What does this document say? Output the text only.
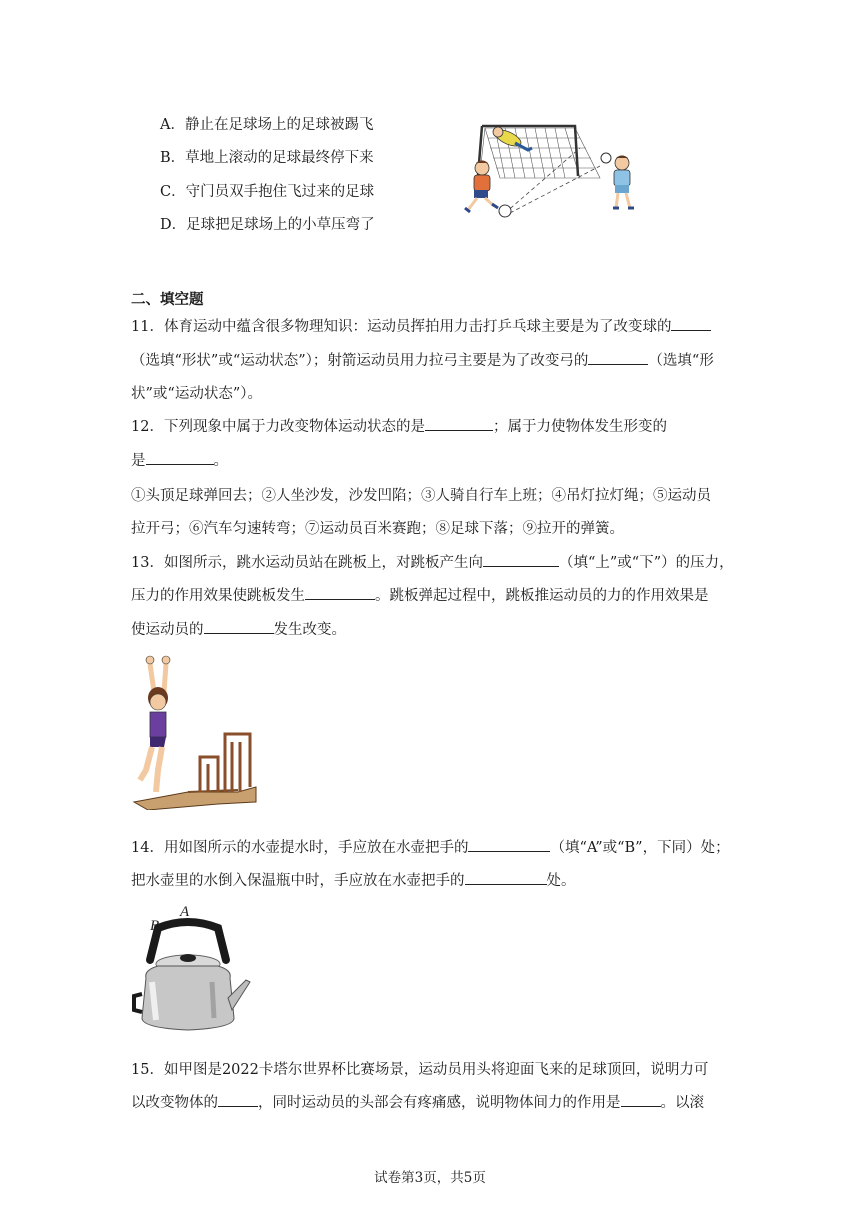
A．静止在足球场上的足球被踢飞
B．草地上滚动的足球最终停下来
C．守门员双手抱住飞过来的足球
D．足球把足球场上的小草压弯了
二、填空题
11．体育运动中蕴含很多物理知识：运动员挥拍用力击打乒乓球主要是为了改变球的
（选填“形状”或“运动状态”）；射箭运动员用力拉弓主要是为了改变弓的	（选填“形
状”或“运动状态”）。
12．下列现象中属于力改变物体运动状态的是	；属于力使物体发生形变的
是	。
①头顶足球弹回去；②人坐沙发，沙发凹陷；③人骑自行车上班；④吊灯拉灯绳；⑤运动员
拉开弓；⑥汽车匀速转弯；⑦运动员百米赛跑；⑧足球下落；⑨拉开的弹簧。
13．如图所示，跳水运动员站在跳板上，对跳板产生向	（填“上”或“下”）的压力，
压力的作用效果使跳板发生	。跳板弹起过程中，跳板推运动员的力的作用效果是
使运动员的	发生改变。
14．用如图所示的水壶提水时，手应放在水壶把手的	（填“A”或“B”，下同）处；
把水壶里的水倒入保温瓶中时，手应放在水壶把手的	处。
B
A
15．如甲图是2022卡塔尔世界杯比赛场景，运动员用头将迎面飞来的足球顶回，说明力可
以改变物体的	，同时运动员的头部会有疼痛感，说明物体间力的作用是	。以滚
试卷第3页，共5页
